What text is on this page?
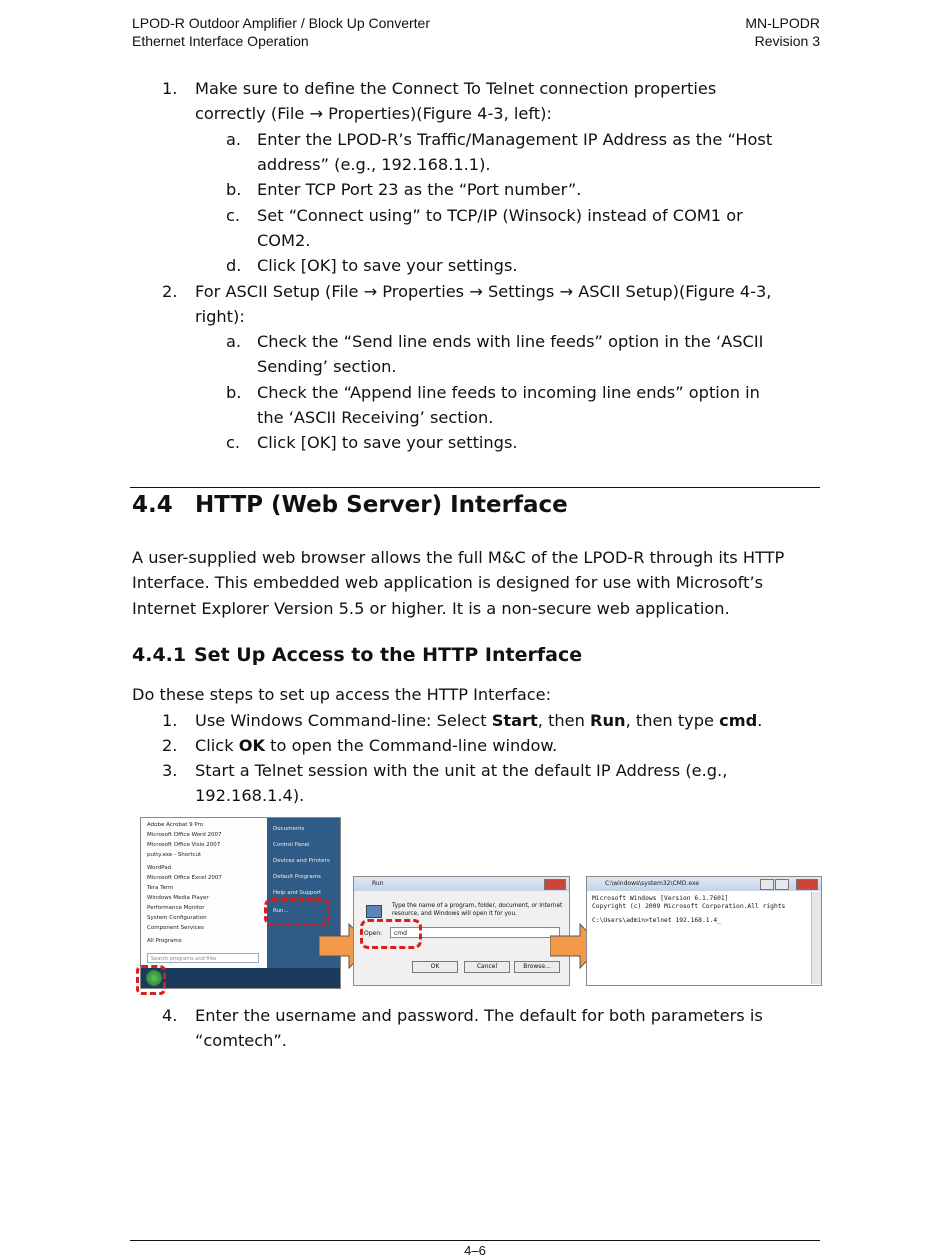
LPOD-R Outdoor Amplifier / Block Up Converter
Ethernet Interface Operation
MN-LPODR
Revision 3
1. Make sure to define the Connect To Telnet connection properties
correctly (File → Properties)(Figure 4-3, left):
a. Enter the LPOD-R’s Traffic/Management IP Address as the “Host
address” (e.g., 192.168.1.1).
b. Enter TCP Port 23 as the “Port number”.
c. Set “Connect using” to TCP/IP (Winsock) instead of COM1 or
COM2.
d. Click [OK] to save your settings.
2. For ASCII Setup (File → Properties → Settings → ASCII Setup)(Figure 4-3,
right):
a. Check the “Send line ends with line feeds” option in the ‘ASCII
Sending’ section.
b. Check the “Append line feeds to incoming line ends” option in
the ‘ASCII Receiving’ section.
c. Click [OK] to save your settings.
4.4 HTTP (Web Server) Interface
A user-supplied web browser allows the full M&C of the LPOD-R through its HTTP
Interface. This embedded web application is designed for use with Microsoft’s
Internet Explorer Version 5.5 or higher. It is a non-secure web application.
4.4.1 Set Up Access to the HTTP Interface
Do these steps to set up access the HTTP Interface:
1. Use Windows Command-line: Select Start, then Run, then type cmd.
2. Click OK to open the Command-line window.
3. Start a Telnet session with the unit at the default IP Address (e.g.,
192.168.1.4).
Adobe Acrobat 9 Pro
Microsoft Office Word 2007
Microsoft Office Visio 2007
putty.exe - Shortcut
WordPad
Microsoft Office Excel 2007
Tera Term
Windows Media Player
Performance Monitor
System Configuration
Component Services
All Programs
Search programs and files
Documents
Control Panel
Devices and Printers
Default Programs
Help and Support
Run...
Run
Type the name of a program, folder, document, or Internet
resource, and Windows will open it for you.
Open:	cmd
OK	Cancel	Browse...
C:\windows\system32\CMD.exe
Microsoft Windows [Version 6.1.7601]
Copyright (c) 2009 Microsoft Corporation.All rights
C:\Users\admin>telnet 192.168.1.4_
4. Enter the username and password. The default for both parameters is
“comtech”.
4–6
